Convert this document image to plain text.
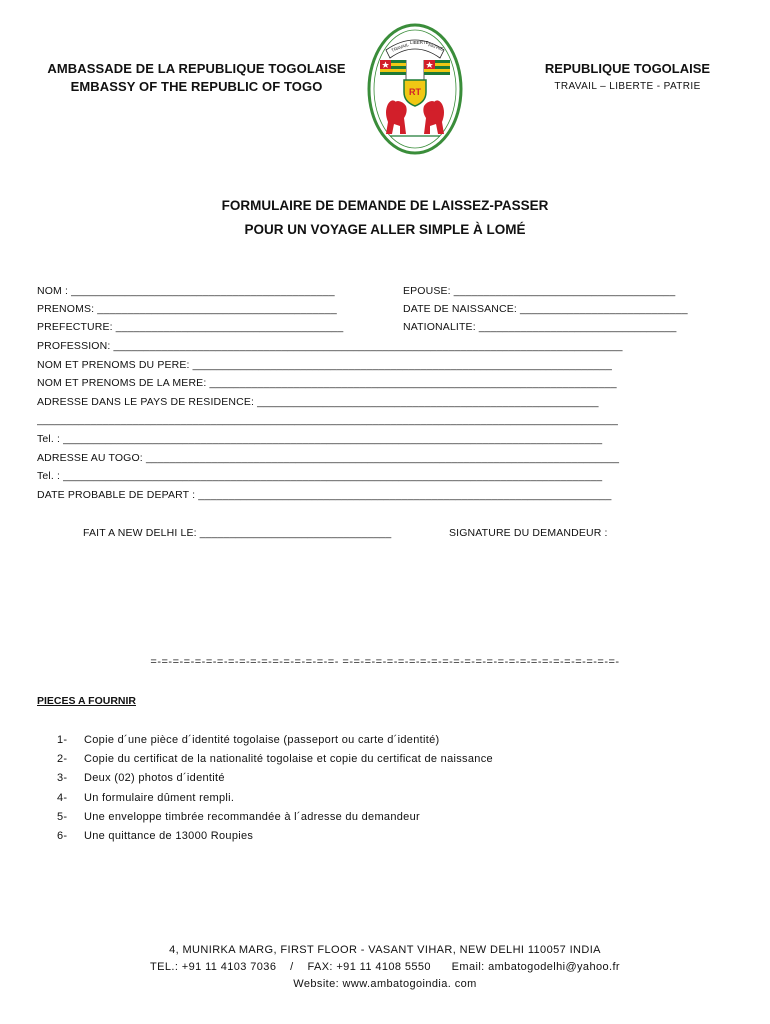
AMBASSADE DE LA REPUBLIQUE TOGOLAISE
EMBASSY OF THE REPUBLIC OF TOGO
TRAVAIL LIBERTE PATRIE
RT
REPUBLIQUE TOGOLAISE
TRAVAIL – LIBERTE - PATRIE
FORMULAIRE DE DEMANDE DE LAISSEZ-PASSER
POUR UN VOYAGE ALLER SIMPLE À LOMÉ
NOM : ____________________________________________	EPOUSE: _____________________________________
PRENOMS: ________________________________________	DATE DE NAISSANCE: ____________________________
PREFECTURE: ______________________________________	NATIONALITE: _________________________________
PROFESSION: _____________________________________________________________________________________
NOM ET PRENOMS DU PERE: ______________________________________________________________________
NOM ET PRENOMS DE LA MERE: ____________________________________________________________________
ADRESSE DANS LE PAYS DE RESIDENCE: _________________________________________________________
_________________________________________________________________________________________________
Tel. : __________________________________________________________________________________________
ADRESSE AU TOGO: _______________________________________________________________________________
Tel. : __________________________________________________________________________________________
DATE PROBABLE DE DEPART : _____________________________________________________________________
FAIT A NEW DELHI LE: ________________________________	SIGNATURE DU DEMANDEUR :
=-=-=-=-=-=-=-=-=-=-=-=-=-=-=-=-=- =-=-=-=-=-=-=-=-=-=-=-=-=-=-=-=-=-=-=-=-=-=-=-=-=-
PIECES A FOURNIR
1- Copie d´une pièce d´identité togolaise (passeport ou carte d´identité)
2- Copie du certificat de la nationalité togolaise et copie du certificat de naissance
3- Deux (02) photos d´identité
4- Un formulaire dûment rempli.
5- Une enveloppe timbrée recommandée à l´adresse du demandeur
6- Une quittance de 13000 Roupies
4, MUNIRKA MARG, FIRST FLOOR - VASANT VIHAR, NEW DELHI 110057 INDIA
TEL.: +91 11 4103 7036    /    FAX: +91 11 4108 5550      Email: ambatogodelhi@yahoo.fr
Website: www.ambatogoindia. com
